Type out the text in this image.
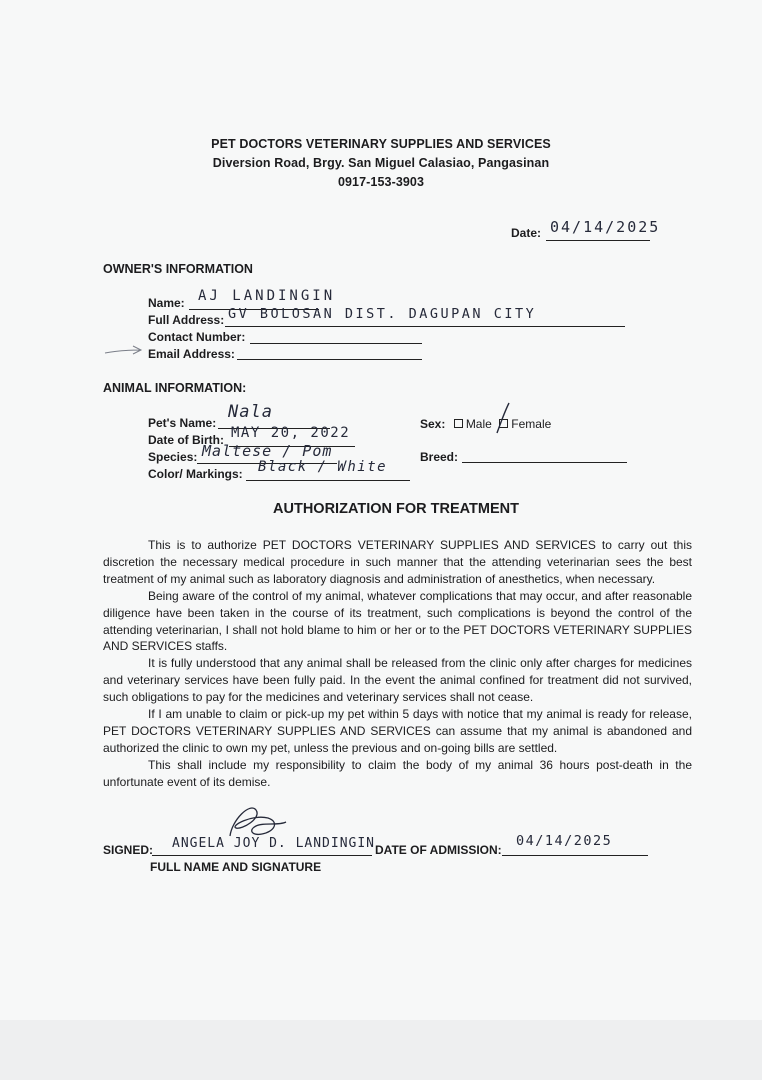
PET DOCTORS VETERINARY SUPPLIES AND SERVICES
Diversion Road, Brgy. San Miguel Calasiao, Pangasinan
0917-153-3903
Date: 04/14/2025
OWNER'S INFORMATION
Name: AJ LANDINGIN
Full Address: GV BOLOSAN DIST. DAGUPAN CITY
Contact Number:
Email Address:
ANIMAL INFORMATION:
Pet's Name:
Nala
Date of Birth: MAY 20, 2022
Species: Maltese / Pom
Color/ Markings: Black / White
Sex: Male Female
Breed:
AUTHORIZATION FOR TREATMENT

This is to authorize PET DOCTORS VETERINARY SUPPLIES AND SERVICES to carry out this discretion the necessary medical procedure in such manner that the attending veterinarian sees the best treatment of my animal such as laboratory diagnosis and administration of anesthetics, when necessary.

Being aware of the control of my animal, whatever complications that may occur, and after reasonable diligence have been taken in the course of its treatment, such complications is beyond the control of the attending veterinarian, I shall not hold blame to him or her or to the PET DOCTORS VETERINARY SUPPLIES AND SERVICES staffs.

It is fully understood that any animal shall be released from the clinic only after charges for medicines and veterinary services have been fully paid. In the event the animal confined for treatment did not survived, such obligations to pay for the medicines and veterinary services shall not cease.

If I am unable to claim or pick-up my pet within 5 days with notice that my animal is ready for release, PET DOCTORS VETERINARY SUPPLIES AND SERVICES can assume that my animal is abandoned and authorized the clinic to own my pet, unless the previous and on-going bills are settled.

This shall include my responsibility to claim the body of my animal 36 hours post-death in the unfortunate event of its demise.

SIGNED: ANGELA JOY D. LANDINGIN
FULL NAME AND SIGNATURE
DATE OF ADMISSION:
04/14/2025
